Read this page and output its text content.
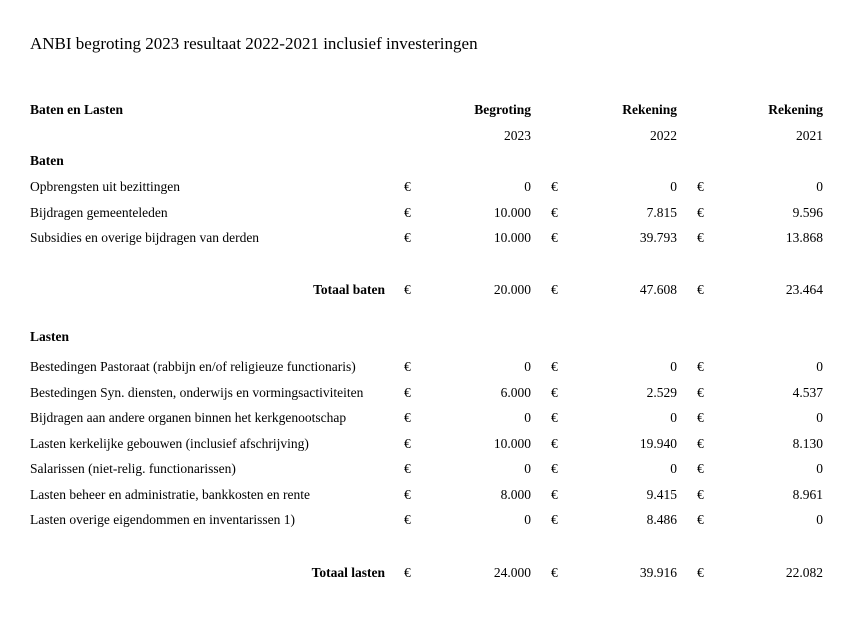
ANBI begroting 2023 resultaat 2022-2021 inclusief investeringen
Baten en Lasten	Begroting	Rekening	Rekening
2023	2022	2021
Baten
Opbrengsten uit bezittingen	€	0 €	0 €	0
Bijdragen gemeenteleden	€	10.000 €	7.815 €	9.596
Subsidies en overige bijdragen van derden	€	10.000 €	39.793 €	13.868
Totaal baten €	20.000 €	47.608 €	23.464
Lasten
Bestedingen Pastoraat (rabbijn en/of religieuze functionaris)	€	0 €	0 €	0
Bestedingen Syn. diensten, onderwijs en vormingsactiviteiten	€	6.000 €	2.529 €	4.537
Bijdragen aan andere organen binnen het kerkgenootschap	€	0 €	0 €	0
Lasten kerkelijke gebouwen (inclusief afschrijving)	€	10.000 €	19.940 €	8.130
Salarissen (niet-relig. functionarissen)	€	0 €	0 €	0
Lasten beheer en administratie, bankkosten en rente	€	8.000 €	9.415 €	8.961
Lasten overige eigendommen en inventarissen 1)	€	0 €	8.486 €	0
Totaal lasten €	24.000 €	39.916 €	22.082
